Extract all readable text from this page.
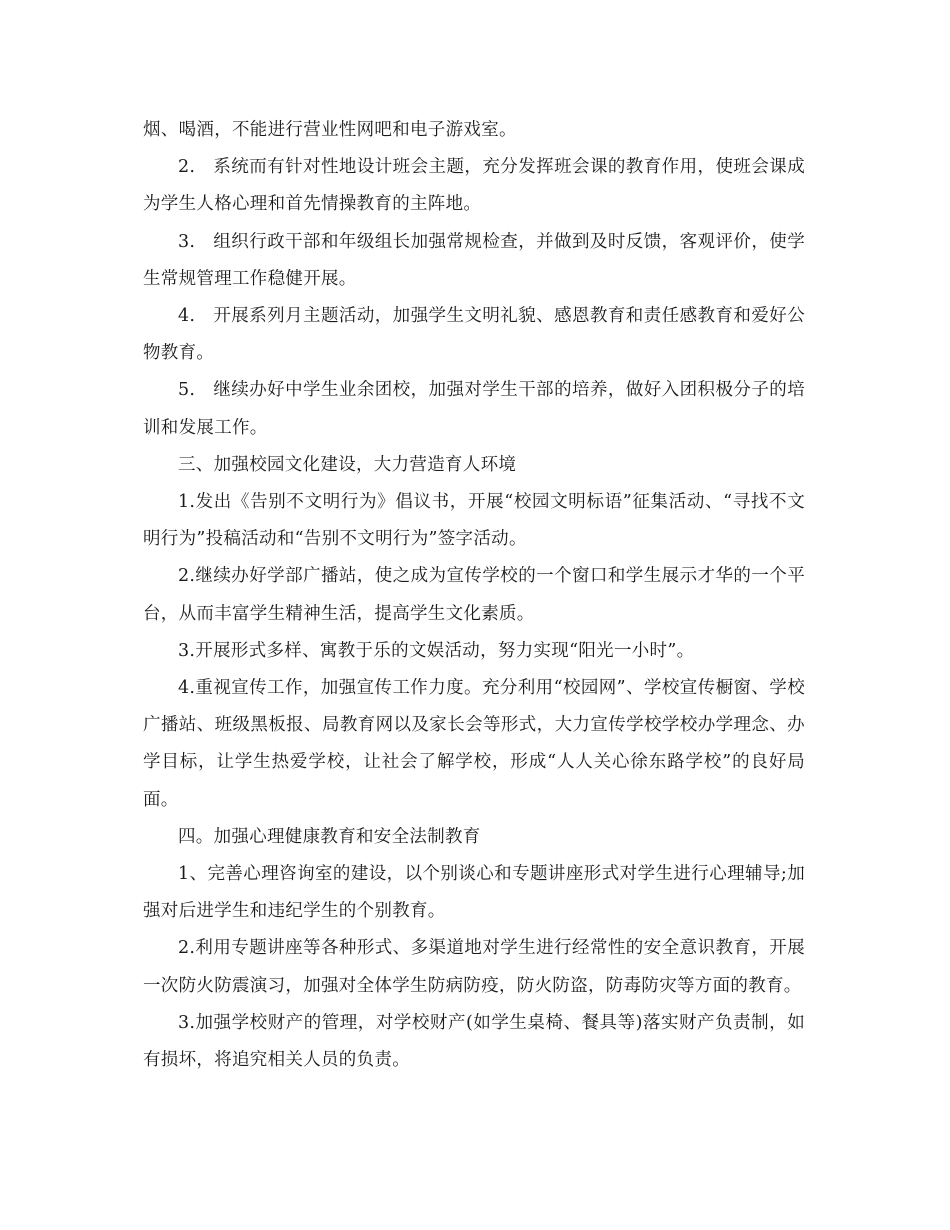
烟、喝酒，不能进行营业性网吧和电子游戏室。

2.　系统而有针对性地设计班会主题，充分发挥班会课的教育作用，使班会课成为学生人格心理和首先情操教育的主阵地。

3.　组织行政干部和年级组长加强常规检查，并做到及时反馈，客观评价，使学生常规管理工作稳健开展。

4.　开展系列月主题活动，加强学生文明礼貌、感恩教育和责任感教育和爱好公物教育。

5.　继续办好中学生业余团校，加强对学生干部的培养，做好入团积极分子的培训和发展工作。

三、加强校园文化建设，大力营造育人环境

1.发出《告别不文明行为》倡议书，开展“校园文明标语”征集活动、“寻找不文明行为”投稿活动和“告别不文明行为”签字活动。

2.继续办好学部广播站，使之成为宣传学校的一个窗口和学生展示才华的一个平台，从而丰富学生精神生活，提高学生文化素质。

3.开展形式多样、寓教于乐的文娱活动，努力实现“阳光一小时”。

4.重视宣传工作，加强宣传工作力度。充分利用“校园网”、学校宣传橱窗、学校广播站、班级黑板报、局教育网以及家长会等形式，大力宣传学校学校办学理念、办学目标，让学生热爱学校，让社会了解学校，形成“人人关心徐东路学校”的良好局面。

四。加强心理健康教育和安全法制教育

1、完善心理咨询室的建设，以个别谈心和专题讲座形式对学生进行心理辅导;加强对后进学生和违纪学生的个别教育。

2.利用专题讲座等各种形式、多渠道地对学生进行经常性的安全意识教育，开展一次防火防震演习，加强对全体学生防病防疫，防火防盗，防毒防灾等方面的教育。

3.加强学校财产的管理，对学校财产(如学生桌椅、餐具等)落实财产负责制，如有损坏，将追究相关人员的负责。
